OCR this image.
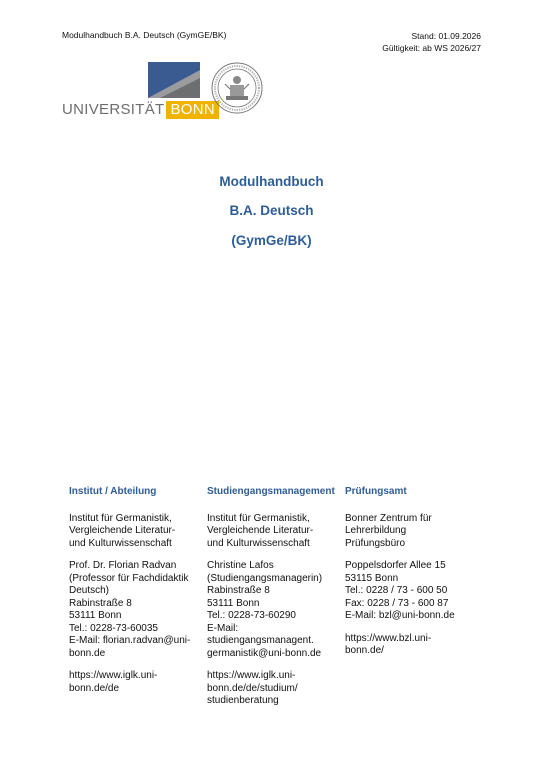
Modulhandbuch B.A. Deutsch (GymGE/BK)	Stand: 01.09.2026
Gültigkeit: ab WS 2026/27
UNIVERSITÄT BONN
Modulhandbuch
B.A. Deutsch
(GymGe/BK)
Institut / Abteilung
Institut für Germanistik,
Vergleichende Literatur-
und Kulturwissenschaft
Prof. Dr. Florian Radvan
(Professor für Fachdidaktik
Deutsch)
Rabinstraße 8
53111 Bonn
Tel.: 0228-73-60035
E-Mail: florian.radvan@uni-
bonn.de
https://www.iglk.uni-
bonn.de/de
Studiengangsmanagement
Institut für Germanistik,
Vergleichende Literatur-
und Kulturwissenschaft
Christine Lafos
(Studiengangsmanagerin)
Rabinstraße 8
53111 Bonn
Tel.: 0228-73-60290
E-Mail:
studiengangsmanagent.
germanistik@uni-bonn.de
https://www.iglk.uni-
bonn.de/de/studium/
studienberatung
Prüfungsamt
Bonner Zentrum für
Lehrerbildung
Prüfungsbüro
Poppelsdorfer Allee 15
53115 Bonn
Tel.: 0228 / 73 - 600 50
Fax: 0228 / 73 - 600 87
E-Mail: bzl@uni-bonn.de
https://www.bzl.uni-
bonn.de/
